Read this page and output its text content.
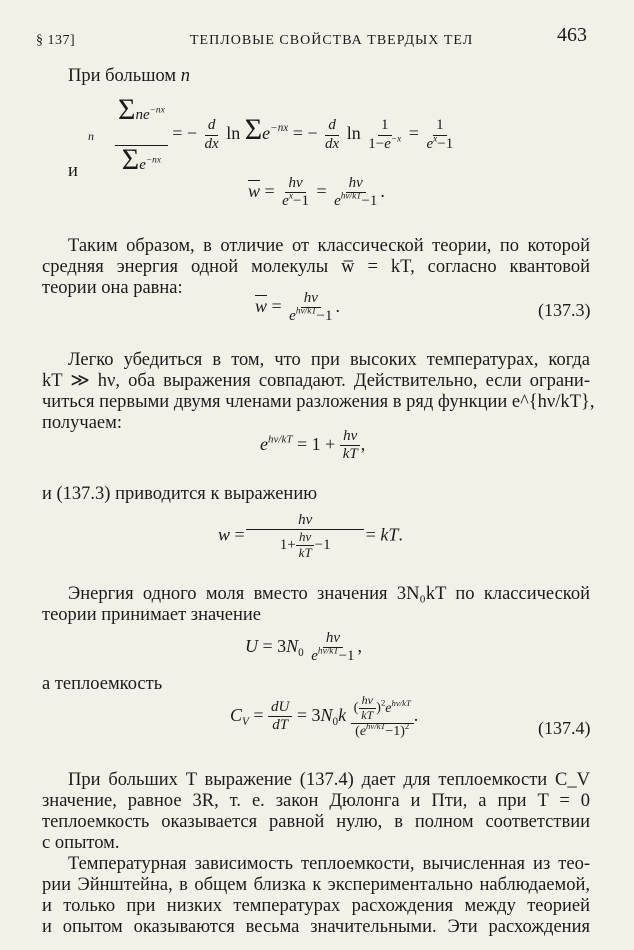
§ 137]	ТЕПЛОВЫЕ СВОЙСТВА ТВЕРДЫХ ТЕЛ	463
При большом n
Σne$^{-nx}$
n
$\Sigma e^{-nx}$
= − $\frac{d}{dx}$ $\ln \Sigma e^{-nx}$ = − $\frac{d}{dx}$ $\ln \frac{1}{1-e^{-x}} = \frac{1}{e^x-1}$
и
$\overline{w} = \frac{h\nu}{e^x-1} = \frac{h\nu}{e^{h\nu/kT}-1}$ .
Таким образом, в отличие от классической теории, по которой
средняя энергия одной молекулы w̅ = kT, согласно квантовой
теории она равна:
$\overline{w} = \frac{h\nu}{e^{h\nu/kT}-1}$ .	(137.3)
Легко убедиться в том, что при высоких температурах, когда
kT ≫ hν, оба выражения совпадают. Действительно, если ограни-
читься первыми двумя членами разложения в ряд функции e^{hν/kT},
получаем:
$e^{h\nu/kT} = 1 + \frac{h\nu}{kT}$ ,
и (137.3) приводится к выражению
$w = \frac{h\nu}{1+ \frac{h\nu}{kT} -1}$ = kT.
Энергия одного моля вместо значения 3N₀kT по классической
теории принимает значение
$U = 3N_0 \frac{h\nu}{e^{h\nu/kT}-1}$ ,
а теплоемкость
$C_V = \frac{dU}{dT} = 3N_0k \frac{( \frac{h\nu}{kT} )^2e^{h\nu/kT}}{(e^{h\nu/kT}-1)^2}$ .
(137.4)
При больших T выражение (137.4) дает для теплоемкости C_V
значение, равное 3R, т. е. закон Дюлонга и Пти, а при T = 0
теплоемкость оказывается равной нулю, в полном соответствии
с опытом.
Температурная зависимость теплоемкости, вычисленная из тео-
рии Эйнштейна, в общем близка к экспериментально наблюдаемой,
и только при низких температурах расхождения между теорией
и опытом оказываются весьма значительными. Эти расхождения
